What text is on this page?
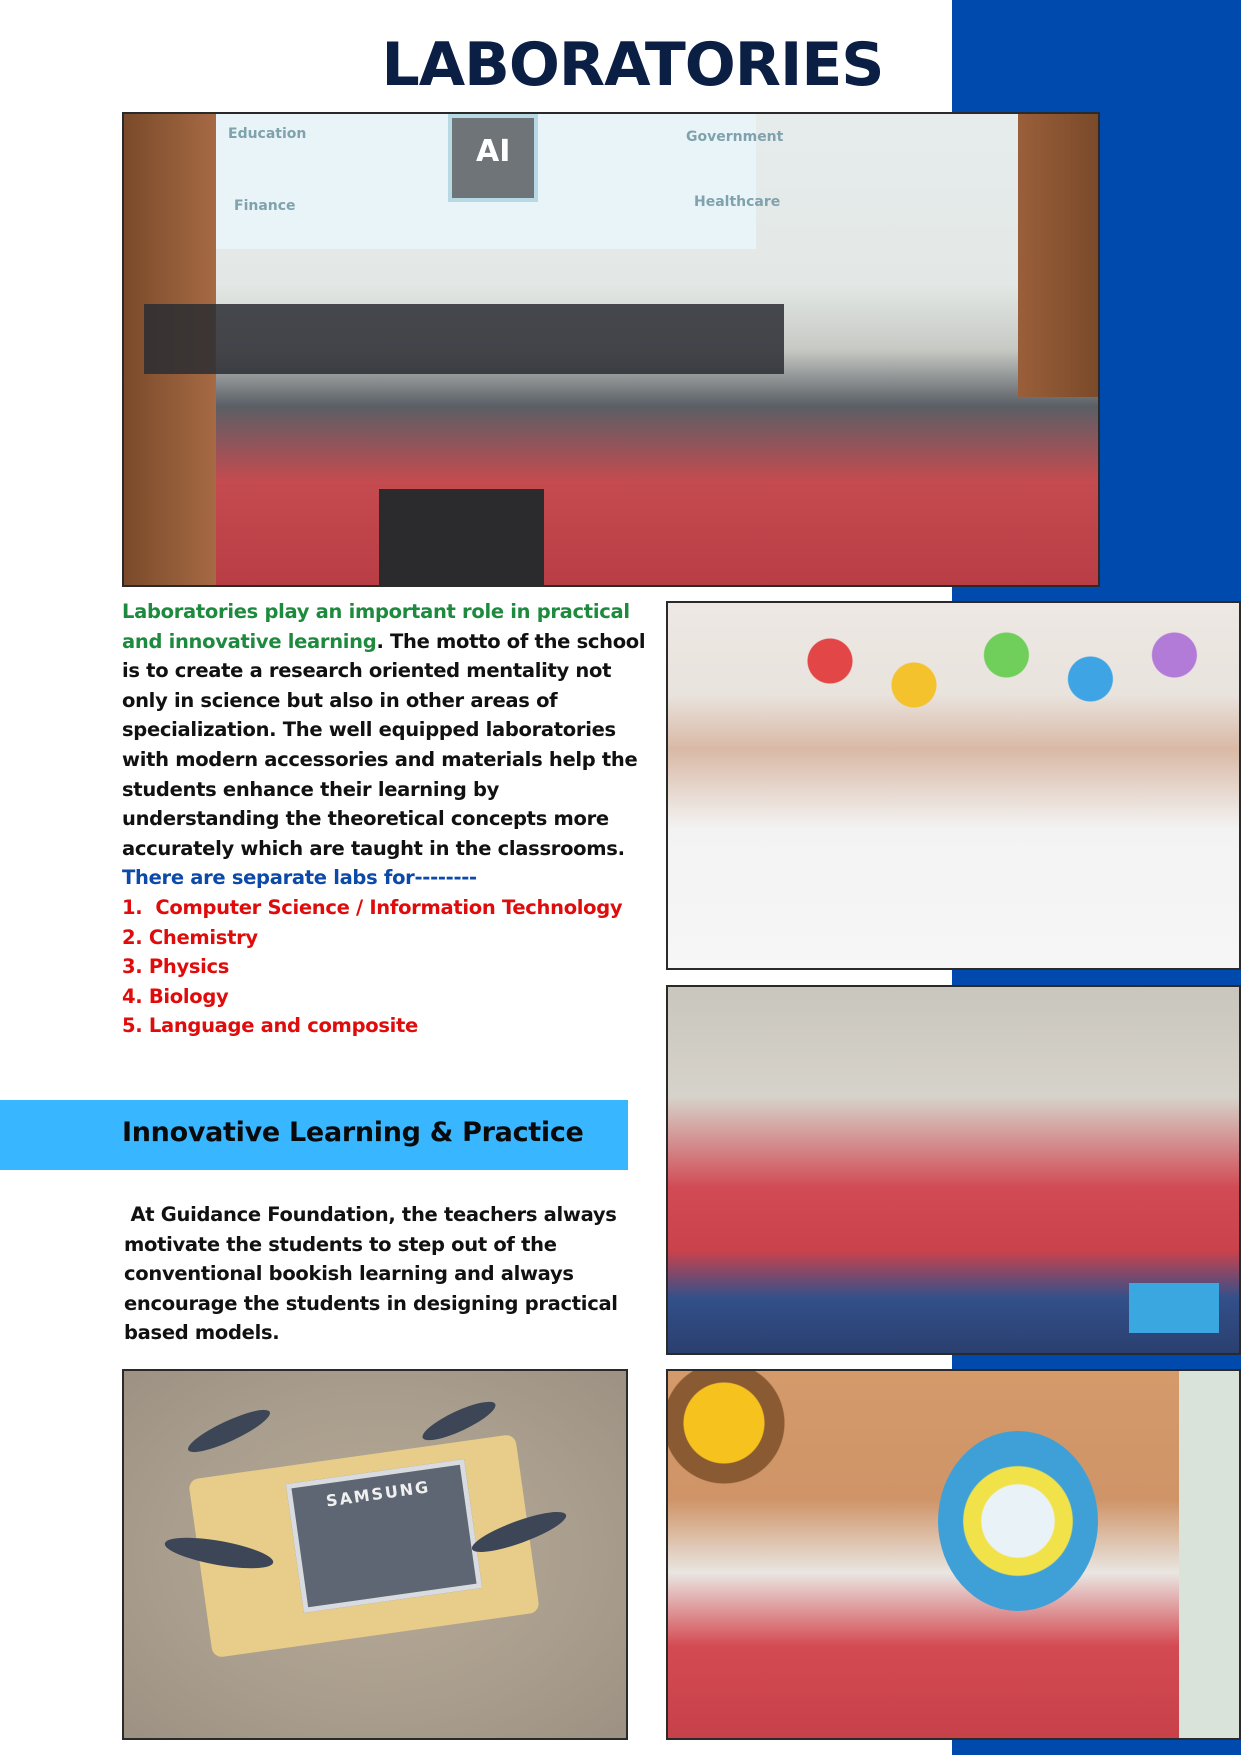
LABORATORIES
AI
Education
Finance
Government
Healthcare
Laboratories play an important role in practical and innovative learning. The motto of the school is to create a research oriented mentality not only in science but also in other areas of specialization. The well equipped laboratories with modern accessories and materials help the students enhance their learning by understanding the theoretical concepts more accurately which are taught in the classrooms.
There are separate labs for--------
1.  Computer Science / Information Technology
2. Chemistry
3. Physics
4. Biology
5. Language and composite
Innovative Learning & Practice
At Guidance Foundation, the teachers always motivate the students to step out of the conventional bookish learning and always encourage the students in designing practical based models.
SAMSUNG
